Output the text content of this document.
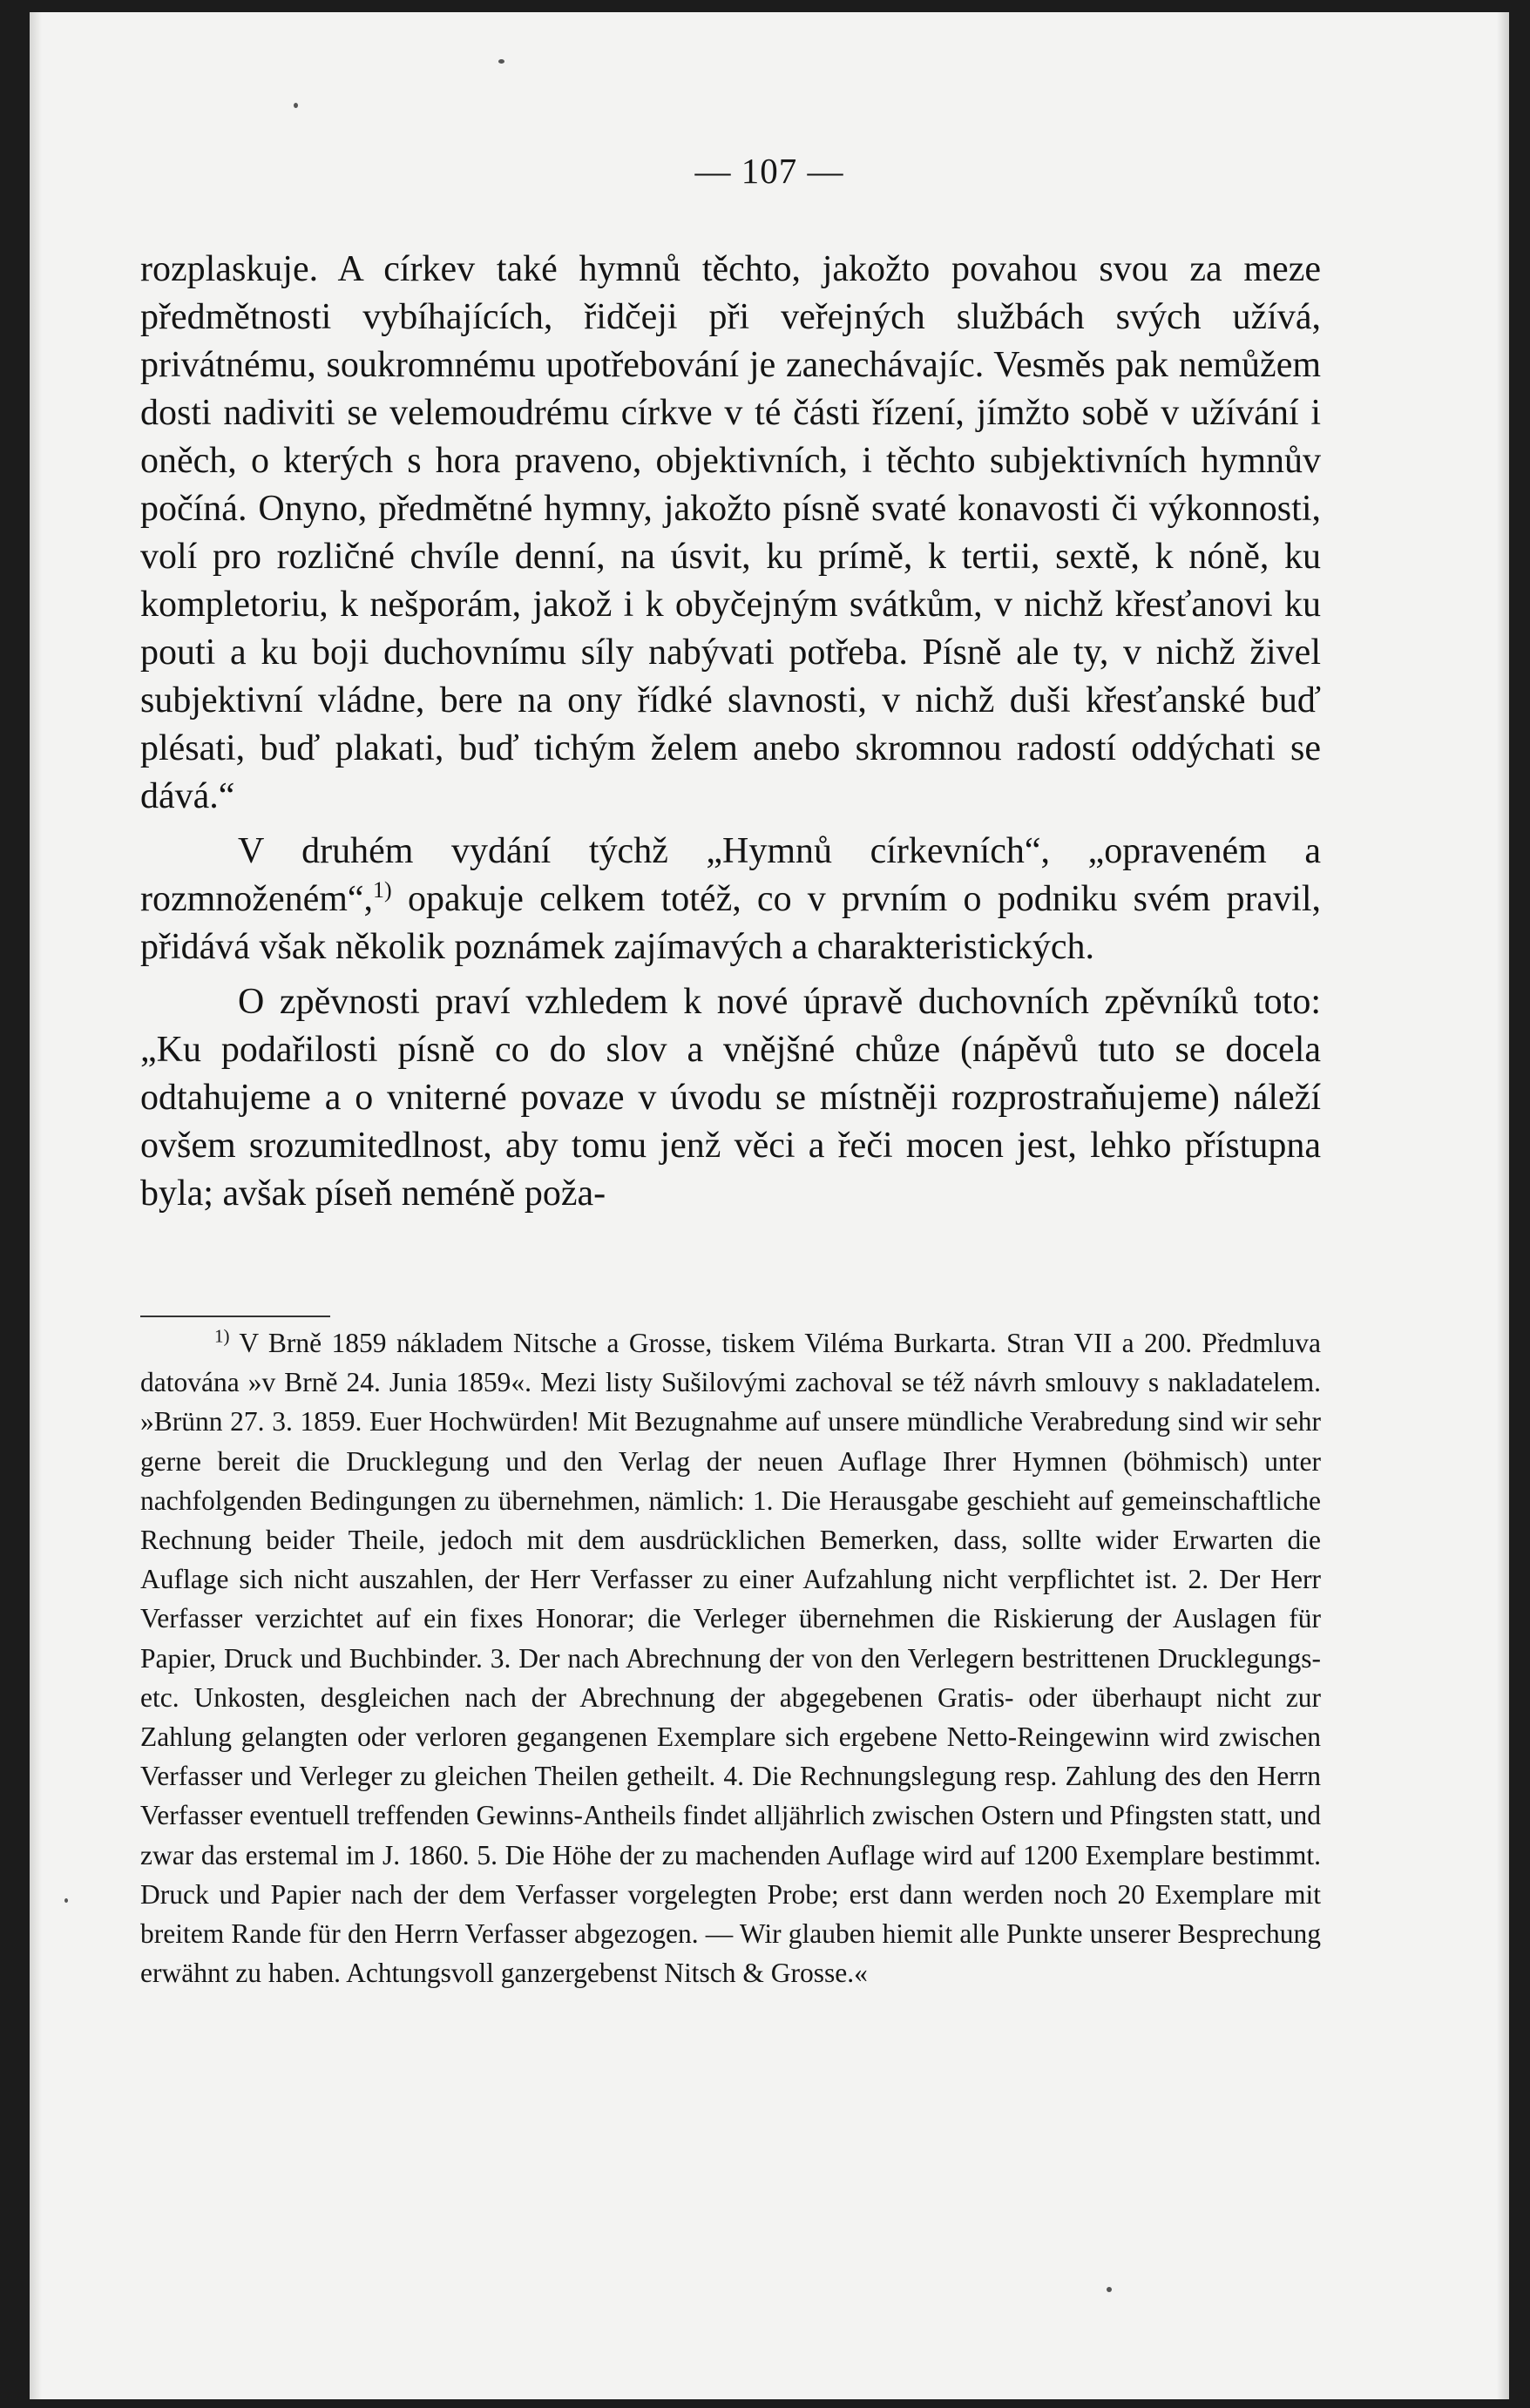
— 107 —

rozplaskuje. A církev také hymnů těchto, jakožto povahou svou za meze předmětnosti vybíhajících, řidčeji při veřejných službách svých užívá, privátnému, soukromnému upotřebování je zanechávajíc. Vesměs pak nemůžem dosti nadiviti se velemoudrému církve v té části řízení, jímžto sobě v užívání i oněch, o kterých s hora praveno, objektivních, i těchto subjektivních hymnův počíná. Onyno, předmětné hymny, jakožto písně svaté konavosti či výkonnosti, volí pro rozličné chvíle denní, na úsvit, ku prímě, k tertii, sextě, k nóně, ku kompletoriu, k nešporám, jakož i k obyčejným svátkům, v nichž křesťanovi ku pouti a ku boji duchovnímu síly nabývati potřeba. Písně ale ty, v nichž živel subjektivní vládne, bere na ony řídké slavnosti, v nichž duši křesťanské buď plésati, buď plakati, buď tichým želem anebo skromnou radostí oddýchati se dává.“

V druhém vydání týchž „Hymnů církevních“, „opraveném a rozmnoženém“,$^{1)}$ opakuje celkem totéž, co v prvním o podniku svém pravil, přidává však několik poznámek zajímavých a charakteristických.

O zpěvnosti praví vzhledem k nové úpravě duchovních zpěvníků toto: „Ku podařilosti písně co do slov a vnějšné chůze (nápěvů tuto se docela odtahujeme a o vniterné povaze v úvodu se místněji rozprostraňujeme) náleží ovšem srozumitedlnost, aby tomu jenž věci a řeči mocen jest, lehko přístupna byla; avšak píseň neméně poža-

$^{1)}$ V Brně 1859 nákladem Nitsche a Grosse, tiskem Viléma Burkarta. Stran VII a 200. Předmluva datována »v Brně 24. Junia 1859«. Mezi listy Sušilovými zachoval se též návrh smlouvy s nakladatelem. »Brünn 27. 3. 1859. Euer Hochwürden! Mit Bezugnahme auf unsere mündliche Verabredung sind wir sehr gerne bereit die Drucklegung und den Verlag der neuen Auflage Ihrer Hymnen (böhmisch) unter nachfolgenden Bedingungen zu übernehmen, nämlich: 1. Die Herausgabe geschieht auf gemeinschaftliche Rechnung beider Theile, jedoch mit dem ausdrücklichen Bemerken, dass, sollte wider Erwarten die Auflage sich nicht auszahlen, der Herr Verfasser zu einer Aufzahlung nicht verpflichtet ist. 2. Der Herr Verfasser verzichtet auf ein fixes Honorar; die Verleger übernehmen die Riskierung der Auslagen für Papier, Druck und Buchbinder. 3. Der nach Abrechnung der von den Verlegern bestrittenen Drucklegungs- etc. Unkosten, desgleichen nach der Abrechnung der abgegebenen Gratis- oder überhaupt nicht zur Zahlung gelangten oder verloren gegangenen Exemplare sich ergebene Netto-Reingewinn wird zwischen Verfasser und Verleger zu gleichen Theilen getheilt. 4. Die Rechnungslegung resp. Zahlung des den Herrn Verfasser eventuell treffenden Gewinns-Antheils findet alljährlich zwischen Ostern und Pfingsten statt, und zwar das erstemal im J. 1860. 5. Die Höhe der zu machenden Auflage wird auf 1200 Exemplare bestimmt. Druck und Papier nach der dem Verfasser vorgelegten Probe; erst dann werden noch 20 Exemplare mit breitem Rande für den Herrn Verfasser abgezogen. — Wir glauben hiemit alle Punkte unserer Besprechung erwähnt zu haben. Achtungsvoll ganzergebenst Nitsch & Grosse.«
